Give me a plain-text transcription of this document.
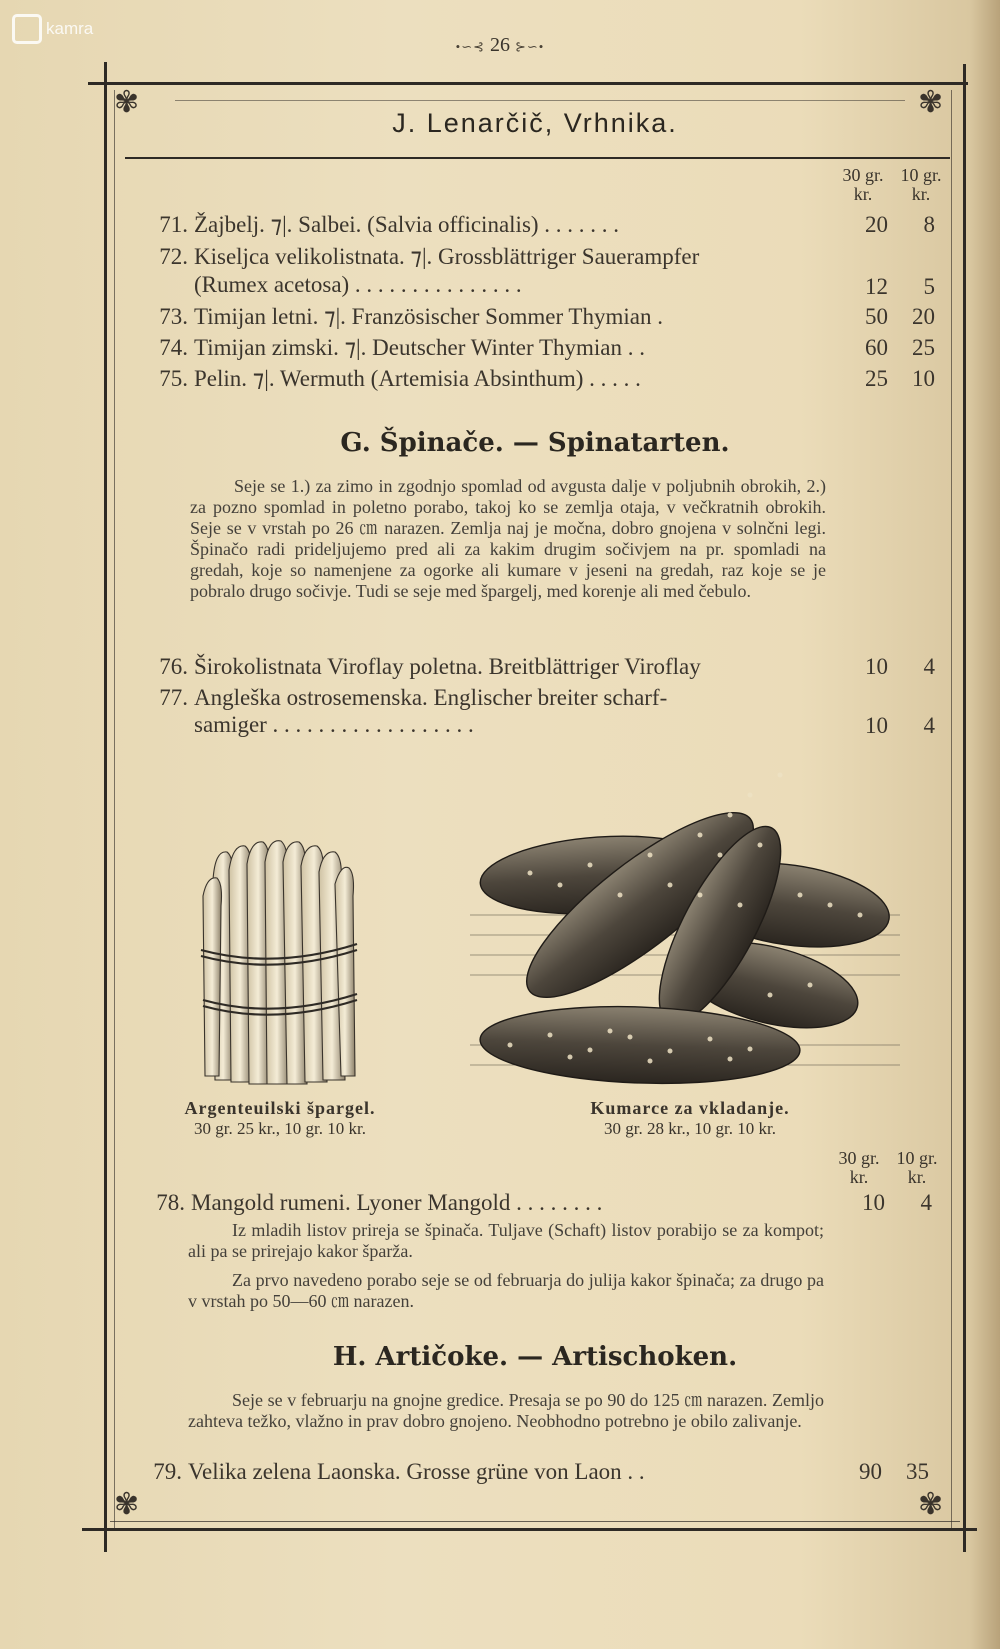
kamra
•∽⊰ 26 ⊱∽•
✾	✾
✾	✾
J. Lenarčič, Vrhnika.
30 gr.
kr.
10 gr.
kr.
71. Žajbelj. ⁊|. Salbei. (Salvia officinalis) . . . . . . .	20	8
72. Kiseljca velikolistnata. ⁊|. Grossblättriger Sauerampfer
(Rumex acetosa) . . . . . . . . . . . . . . .	12	5
73. Timijan letni. ⁊|. Französischer Sommer Thymian .	50	20
74. Timijan zimski. ⁊|. Deutscher Winter Thymian . .	60	25
75. Pelin. ⁊|. Wermuth (Artemisia Absinthum) . . . . .	25	10
G. Špinače. — Spinatarten.
Seje se 1.) za zimo in zgodnjo spomlad od avgusta dalje v poljubnih obrokih, 2.) za pozno spomlad in poletno porabo, takoj ko se zemlja otaja, v večkratnih obrokih. Seje se v vrstah po 26 ㎝ narazen. Zemlja naj je močna, dobro gnojena v solnčni legi. Špinačo radi prideljujemo pred ali za kakim drugim sočivjem na pr. spomladi na gredah, koje so namenjene za ogorke ali kumare v jeseni na gredah, raz koje se je pobralo drugo sočivje. Tudi se seje med špargelj, med korenje ali med čebulo.
76. Širokolistnata Viroflay poletna. Breitblättriger Viroflay	10	4
77. Angleška ostrosemenska. Englischer breiter scharf-
samiger . . . . . . . . . . . . . . . . . .	10	4
Argenteuilski špargel.
30 gr. 25 kr., 10 gr. 10 kr.
Kumarce za vkladanje.
30 gr. 28 kr., 10 gr. 10 kr.
30 gr.
kr.
10 gr.
kr.
78. Mangold rumeni. Lyoner Mangold . . . . . . . .	10	4
Iz mladih listov prireja se špinača. Tuljave (Schaft) listov porabijo se za kompot; ali pa se prirejajo kakor šparža.
Za prvo navedeno porabo seje se od februarja do julija kakor špinača; za drugo pa v vrstah po 50—60 ㎝ narazen.
H. Artičoke. — Artischoken.
Seje se v februarju na gnojne gredice. Presaja se po 90 do 125 ㎝ narazen. Zemljo zahteva težko, vlažno in prav dobro gnojeno. Neobhodno potrebno je obilo zalivanje.
79. Velika zelena Laonska. Grosse grüne von Laon . .	90	35
